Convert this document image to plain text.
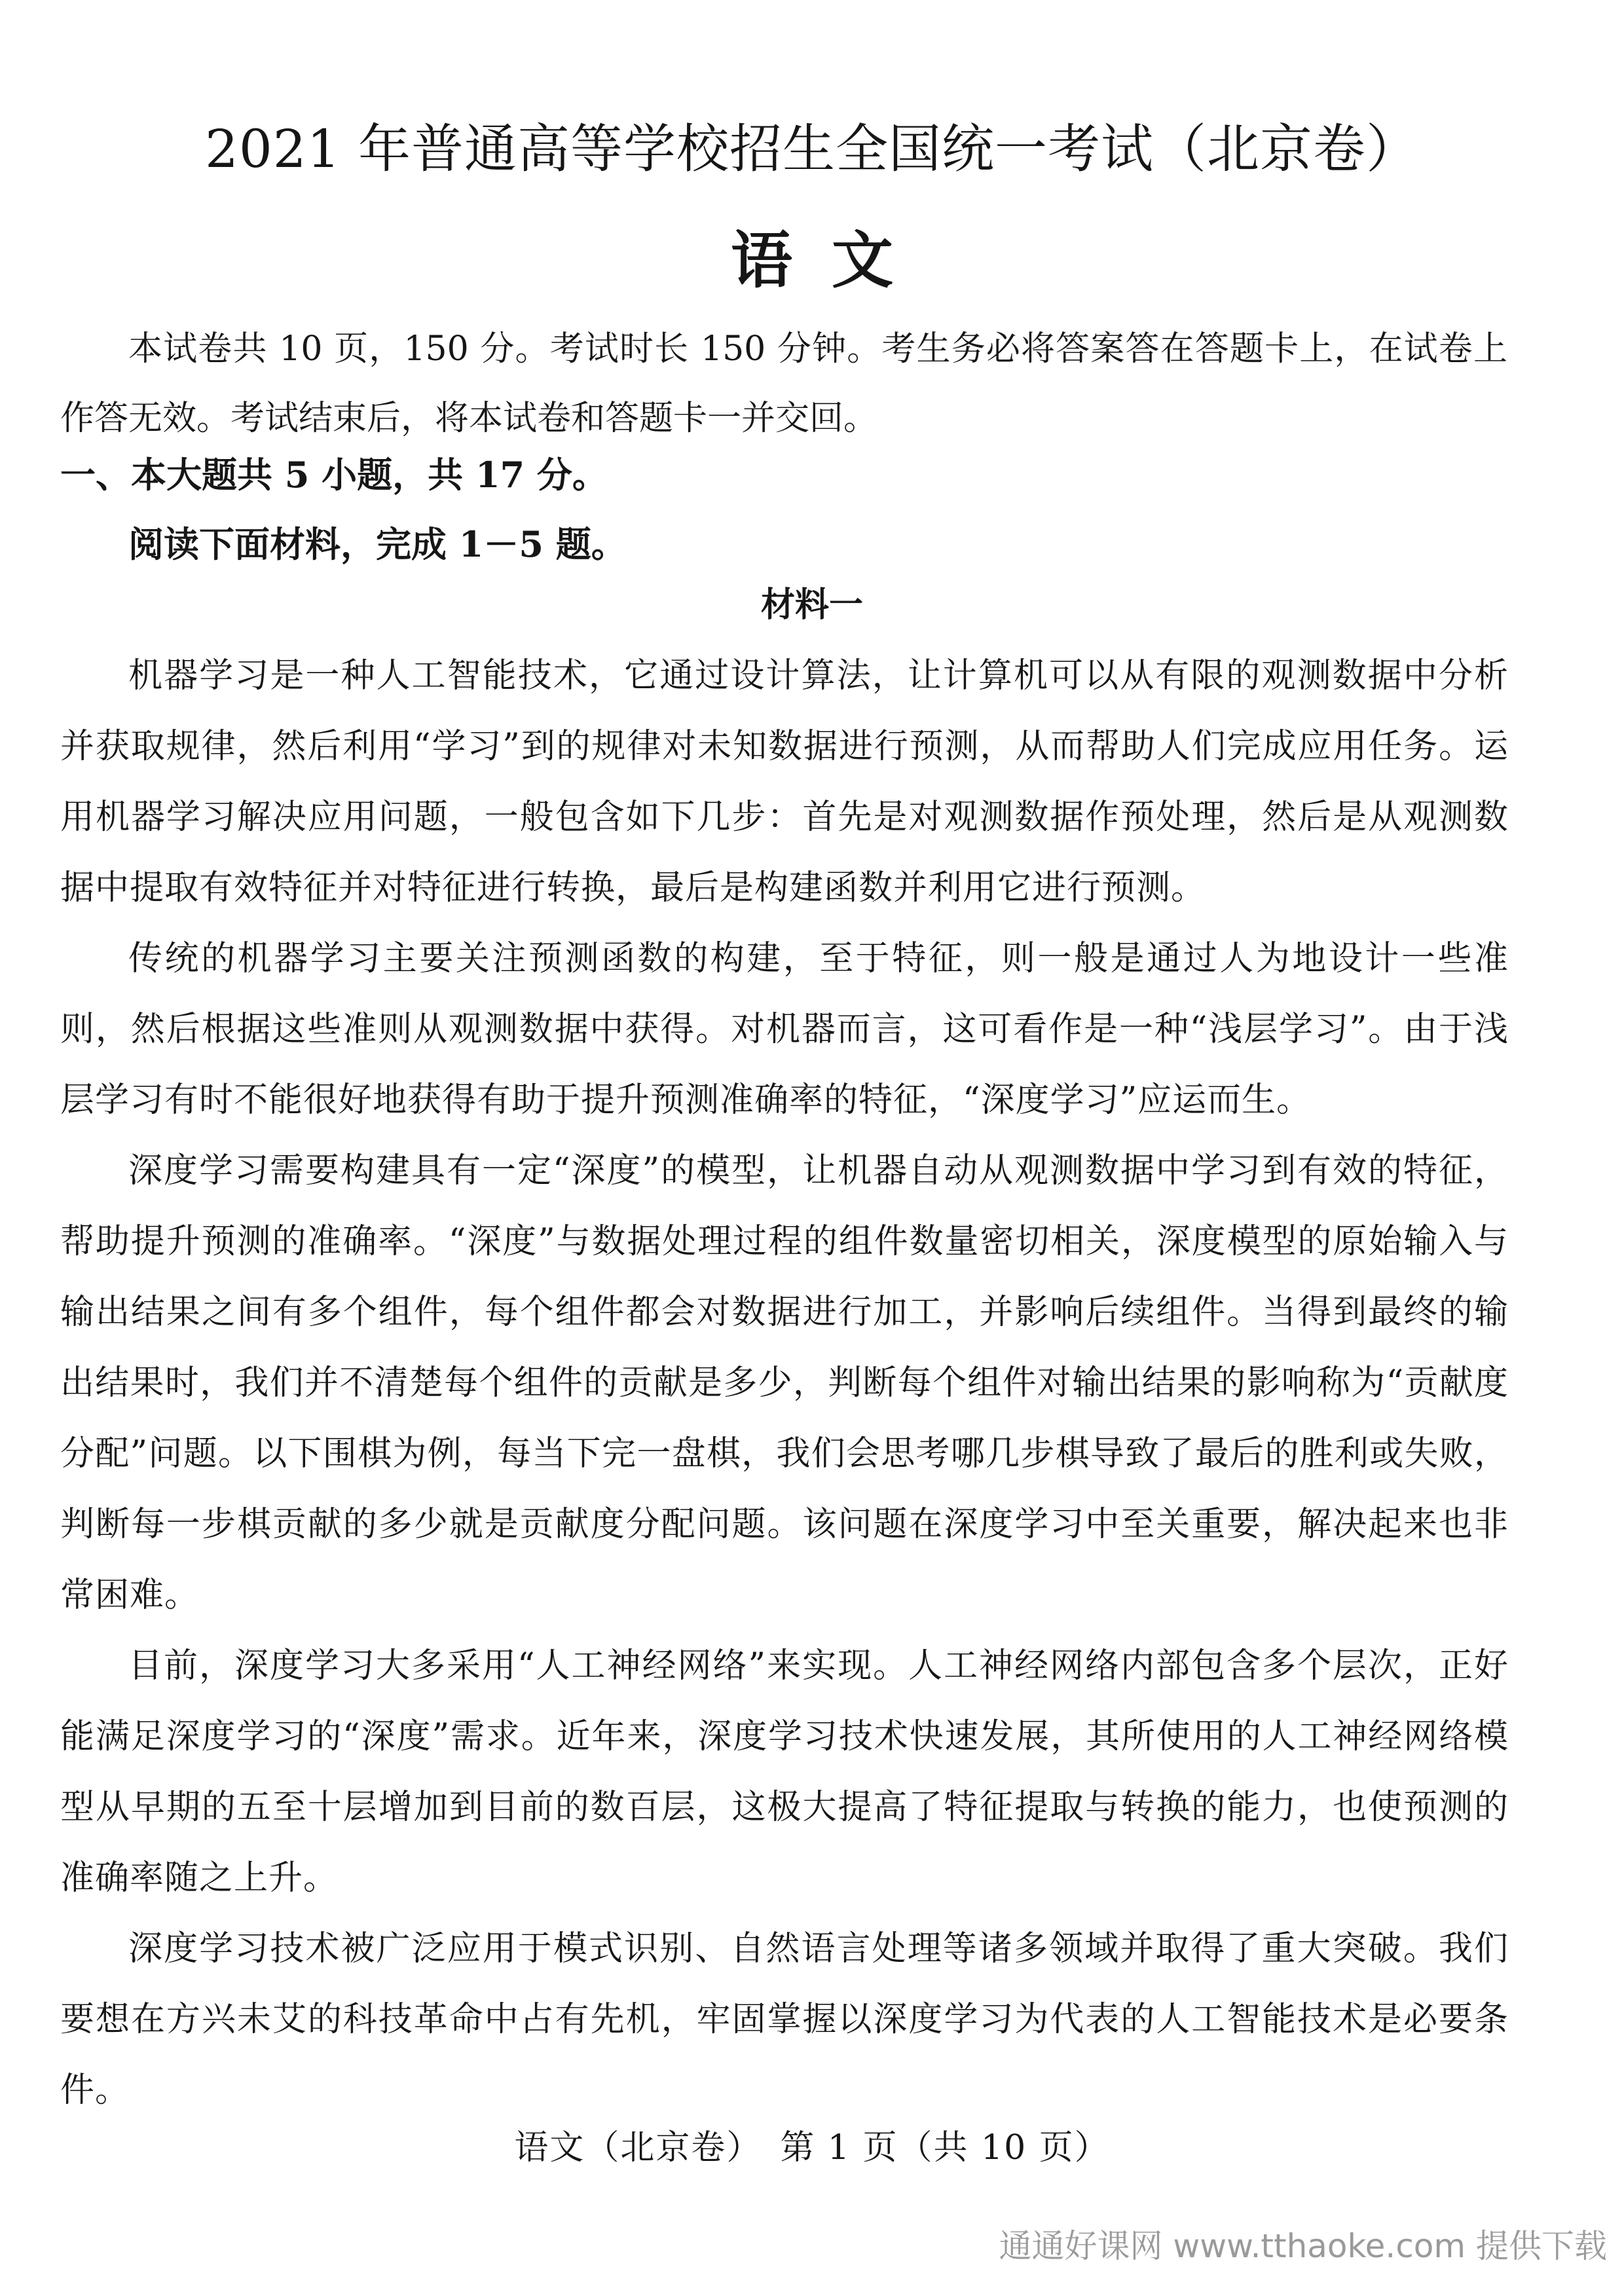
2021 年普通高等学校招生全国统一考试（北京卷）
语文
本试卷共 10 页，150 分。考试时长 150 分钟。考生务必将答案答在答题卡上，在试卷上作答无效。考试结束后，将本试卷和答题卡一并交回。
一、本大题共 5 小题，共 17 分。
阅读下面材料，完成 1－5 题。
材料一

机器学习是一种人工智能技术，它通过设计算法，让计算机可以从有限的观测数据中分析并获取规律，然后利用“学习”到的规律对未知数据进行预测，从而帮助人们完成应用任务。运用机器学习解决应用问题，一般包含如下几步：首先是对观测数据作预处理，然后是从观测数据中提取有效特征并对特征进行转换，最后是构建函数并利用它进行预测。

传统的机器学习主要关注预测函数的构建，至于特征，则一般是通过人为地设计一些准则，然后根据这些准则从观测数据中获得。对机器而言，这可看作是一种“浅层学习”。由于浅层学习有时不能很好地获得有助于提升预测准确率的特征，“深度学习”应运而生。

深度学习需要构建具有一定“深度”的模型，让机器自动从观测数据中学习到有效的特征，帮助提升预测的准确率。“深度”与数据处理过程的组件数量密切相关，深度模型的原始输入与输出结果之间有多个组件，每个组件都会对数据进行加工，并影响后续组件。当得到最终的输出结果时，我们并不清楚每个组件的贡献是多少，判断每个组件对输出结果的影响称为“贡献度分配”问题。以下围棋为例，每当下完一盘棋，我们会思考哪几步棋导致了最后的胜利或失败，判断每一步棋贡献的多少就是贡献度分配问题。该问题在深度学习中至关重要，解决起来也非常困难。

目前，深度学习大多采用“人工神经网络”来实现。人工神经网络内部包含多个层次，正好能满足深度学习的“深度”需求。近年来，深度学习技术快速发展，其所使用的人工神经网络模型从早期的五至十层增加到目前的数百层，这极大提高了特征提取与转换的能力，也使预测的准确率随之上升。

深度学习技术被广泛应用于模式识别、自然语言处理等诸多领域并取得了重大突破。我们要想在方兴未艾的科技革命中占有先机，牢固掌握以深度学习为代表的人工智能技术是必要条件。

语文（北京卷）　第 1 页（共 10 页）
通通好课网 www.tthaoke.com 提供下载
